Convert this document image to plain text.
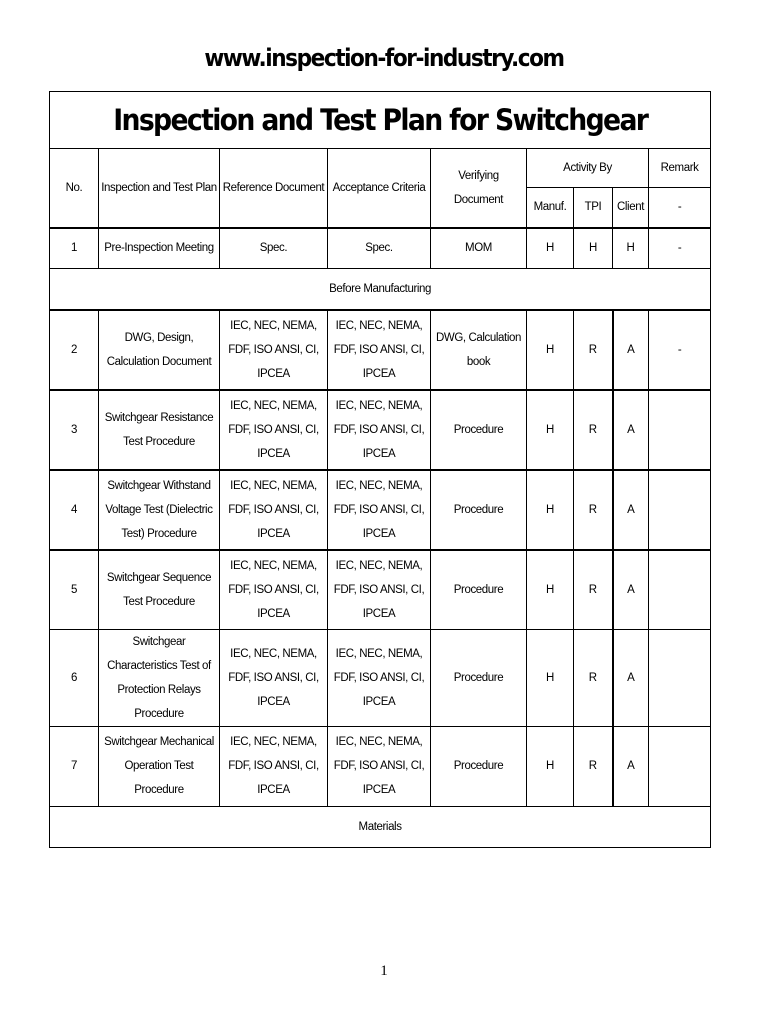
www.inspection-for-industry.com
Inspection and Test Plan for Switchgear								
No.	Inspection and Test Plan	Reference Document	Acceptance Criteria	Verifying Document	Activity By			Remark
					Manuf.	TPI	Client	-
1	Pre-Inspection Meeting	Spec.	Spec.	MOM	H	H	H	-
Before Manufacturing								
2	DWG, Design, Calculation Document	IEC, NEC, NEMA, FDF, ISO ANSI, CI, IPCEA	IEC, NEC, NEMA, FDF, ISO ANSI, CI, IPCEA	DWG, Calculation book	H	R	A	-
3	Switchgear Resistance Test Procedure	IEC, NEC, NEMA, FDF, ISO ANSI, CI, IPCEA	IEC, NEC, NEMA, FDF, ISO ANSI, CI, IPCEA	Procedure	H	R	A	
4	Switchgear Withstand Voltage Test (Dielectric Test) Procedure	IEC, NEC, NEMA, FDF, ISO ANSI, CI, IPCEA	IEC, NEC, NEMA, FDF, ISO ANSI, CI, IPCEA	Procedure	H	R	A	
5	Switchgear Sequence Test Procedure	IEC, NEC, NEMA, FDF, ISO ANSI, CI, IPCEA	IEC, NEC, NEMA, FDF, ISO ANSI, CI, IPCEA	Procedure	H	R	A	
6	Switchgear Characteristics Test of Protection Relays Procedure	IEC, NEC, NEMA, FDF, ISO ANSI, CI, IPCEA	IEC, NEC, NEMA, FDF, ISO ANSI, CI, IPCEA	Procedure	H	R	A	
7	Switchgear Mechanical Operation Test Procedure	IEC, NEC, NEMA, FDF, ISO ANSI, CI, IPCEA	IEC, NEC, NEMA, FDF, ISO ANSI, CI, IPCEA	Procedure	H	R	A	
Materials								
1
